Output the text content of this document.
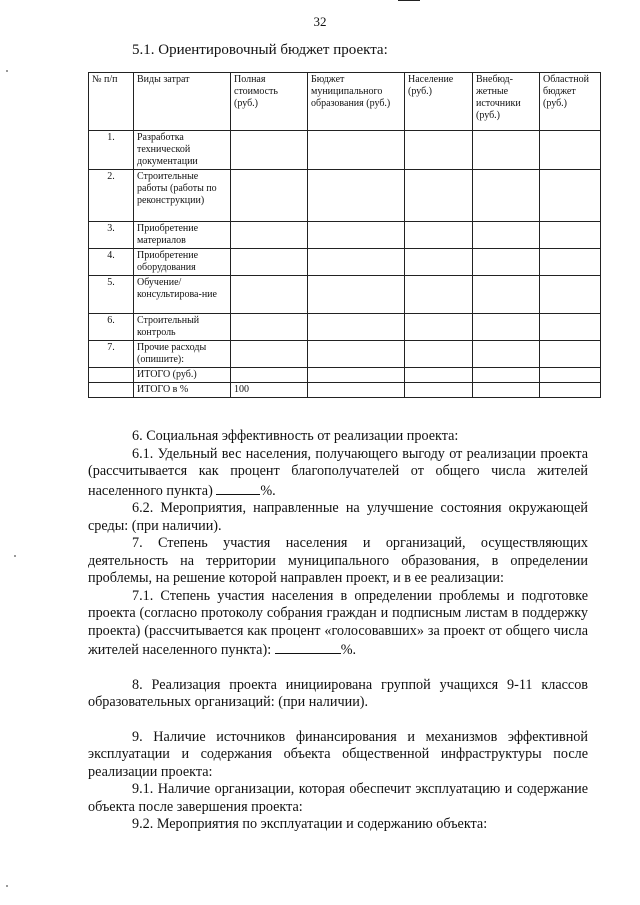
32
5.1. Ориентировочный бюджет проекта:
№ п/п	Виды затрат	Полная стоимость (руб.)	Бюджет муниципального образования (руб.)	Население (руб.)	Внебюд-жетные источники (руб.)	Областной бюджет (руб.)
1.	Разработка технической документации					
2.	Строительные работы (работы по реконструкции)					
3.	Приобретение материалов					
4.	Приобретение оборудования					
5.	Обучение/ консультирова-ние					
6.	Строительный контроль					
7.	Прочие расходы (опишите):					
	ИТОГО (руб.)					
	ИТОГО в %	100				

6. Социальная эффективность от реализации проекта:

6.1. Удельный вес населения, получающего выгоду от реализации проекта (рассчитывается как процент благополучателей от общего числа жителей населенного пункта)	%.

6.2. Мероприятия, направленные на улучшение состояния окружающей среды: (при наличии).

7. Степень участия населения и организаций, осуществляющих деятельность на территории муниципального образования, в определении проблемы, на решение которой направлен проект, и в ее реализации:

7.1. Степень участия населения в определении проблемы и подготовке проекта (согласно протоколу собрания граждан и подписным листам в поддержку проекта) (рассчитывается как процент «голосовавших» за проект от общего числа жителей населенного пункта):	%.

8. Реализация проекта инициирована группой учащихся 9-11 классов образовательных организаций: (при наличии).

9. Наличие источников финансирования и механизмов эффективной эксплуатации и содержания объекта общественной инфраструктуры после реализации проекта:

9.1. Наличие организации, которая обеспечит эксплуатацию и содержание объекта после завершения проекта:

9.2. Мероприятия по эксплуатации и содержанию объекта:
